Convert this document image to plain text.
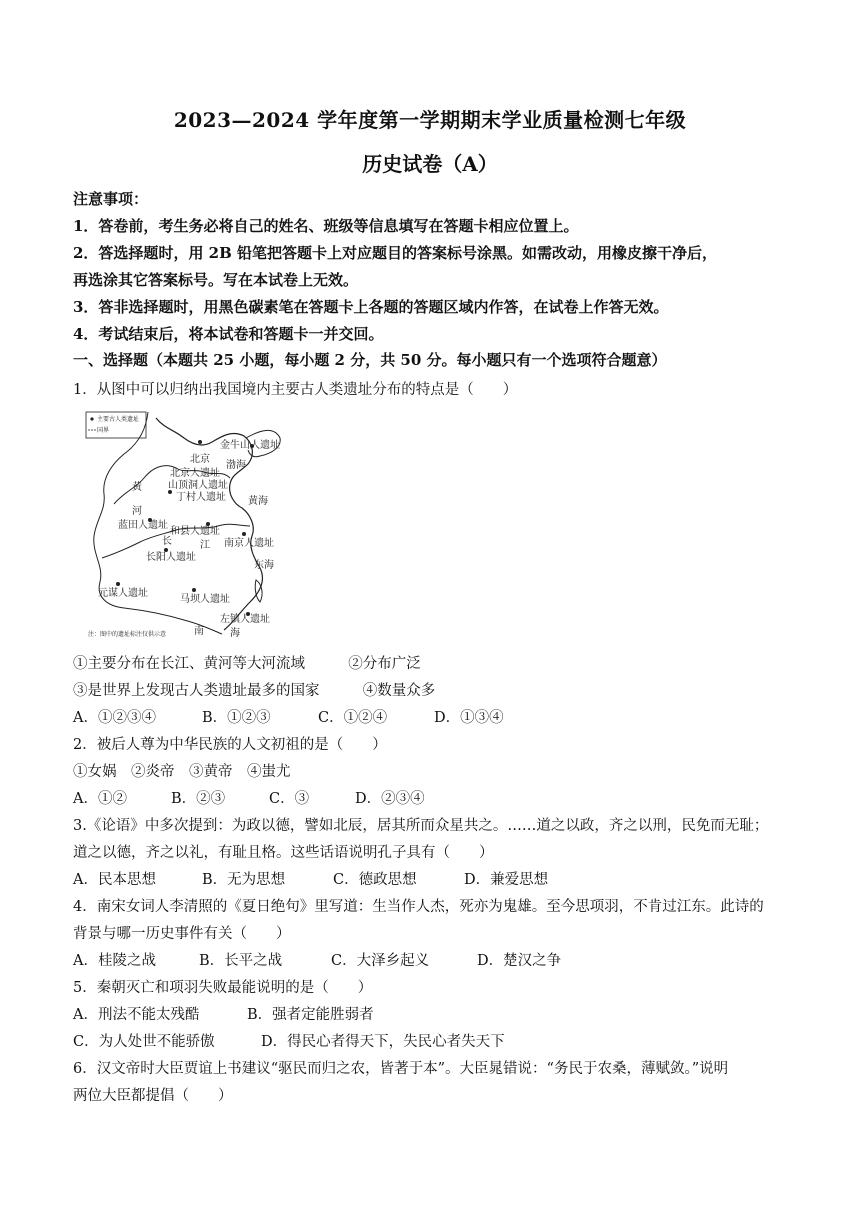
2023—2024 学年度第一学期期末学业质量检测七年级
历史试卷（A）
注意事项：
1．答卷前，考生务必将自己的姓名、班级等信息填写在答题卡相应位置上。
2．答选择题时，用 2B 铅笔把答题卡上对应题目的答案标号涂黑。如需改动，用橡皮擦干净后，
再选涂其它答案标号。写在本试卷上无效。
3．答非选择题时，用黑色碳素笔在答题卡上各题的答题区域内作答，在试卷上作答无效。
4．考试结束后，将本试卷和答题卡一并交回。
一、选择题（本题共 25 小题，每小题 2 分，共 50 分。每小题只有一个选项符合题意）
1．从图中可以归纳出我国境内主要古人类遗址分布的特点是（　　）
主要古人类遗址
国界
金牛山人遗址
北京
渤海
北京人遗址
山顶洞人遗址
黄
河
丁村人遗址 黄海
蓝田人遗址
和县人遗址
南京人遗址
长	江
长阳人遗址
东海
元谋人遗址
马坝人遗址
左镇人遗址
南	海
注：图中的遗址标注仅供示意
①主要分布在长江、黄河等大河流域	②分布广泛
③是世界上发现古人类遗址最多的国家	④数量众多
A．①②③④	B．①②③	C．①②④	D．①③④
2．被后人尊为中华民族的人文初祖的是（　　）
①女娲　②炎帝　③黄帝　④蚩尤
A．①②	B．②③	C．③	D．②③④
3.《论语》中多次提到：为政以德，譬如北辰，居其所而众星共之。……道之以政，齐之以刑，民免而无耻；
道之以德，齐之以礼，有耻且格。这些话语说明孔子具有（　　）
A．民本思想	B．无为思想	C．德政思想	D．兼爱思想
4．南宋女词人李清照的《夏日绝句》里写道：生当作人杰，死亦为鬼雄。至今思项羽，不肯过江东。此诗的
背景与哪一历史事件有关（　　）
A．桂陵之战	B．长平之战	C．大泽乡起义	D．楚汉之争
5．秦朝灭亡和项羽失败最能说明的是（　　）
A．刑法不能太残酷	B．强者定能胜弱者
C．为人处世不能骄傲	D．得民心者得天下，失民心者失天下
6．汉文帝时大臣贾谊上书建议“驱民而归之农，皆著于本”。大臣晁错说：“务民于农桑，薄赋敛。”说明
两位大臣都提倡（　　）
